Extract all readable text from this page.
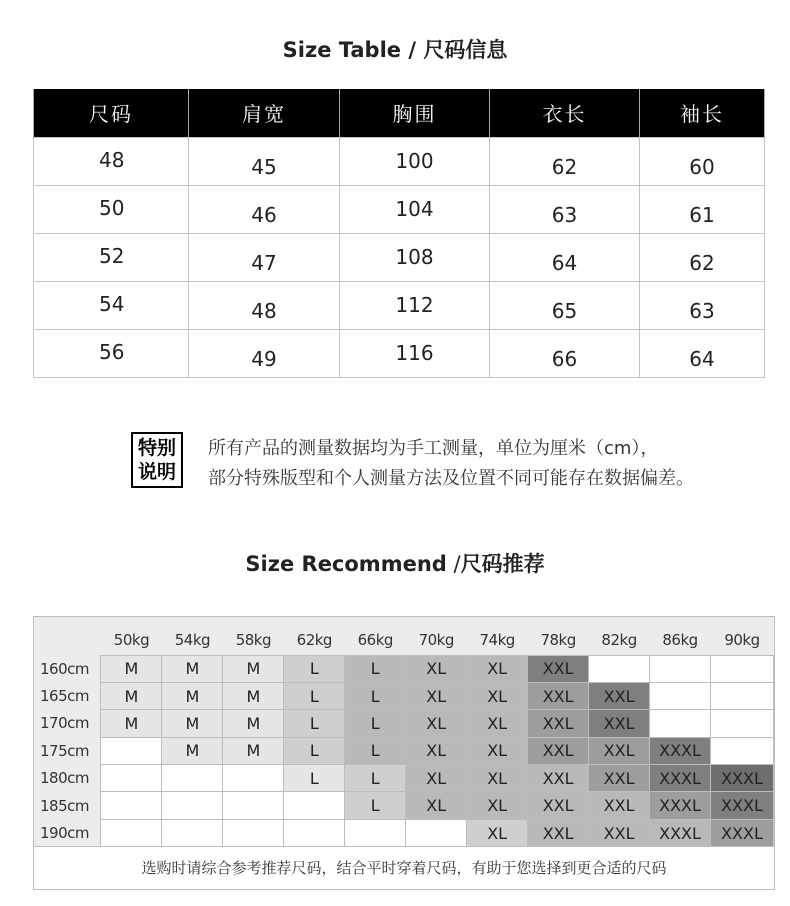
Size Table / 尺码信息
尺码	肩宽	胸围	衣长	袖长
48	45	100	62	60
50	46	104	63	61
52	47	108	64	62
54	48	112	65	63
56	49	116	66	64
特别
说明
所有产品的测量数据均为手工测量，单位为厘米（cm），
部分特殊版型和个人测量方法及位置不同可能存在数据偏差。
Size Recommend /尺码推荐
	50kg	54kg	58kg	62kg	66kg	70kg	74kg	78kg	82kg	86kg	90kg
160cm	M	M	M	L	L	XL	XL	XXL			
165cm	M	M	M	L	L	XL	XL	XXL	XXL		
170cm	M	M	M	L	L	XL	XL	XXL	XXL		
175cm		M	M	L	L	XL	XL	XXL	XXL	XXXL	
180cm				L	L	XL	XL	XXL	XXL	XXXL	XXXL
185cm					L	XL	XL	XXL	XXL	XXXL	XXXL
190cm							XL	XXL	XXL	XXXL	XXXL
选购时请综合参考推荐尺码，结合平时穿着尺码，有助于您选择到更合适的尺码
